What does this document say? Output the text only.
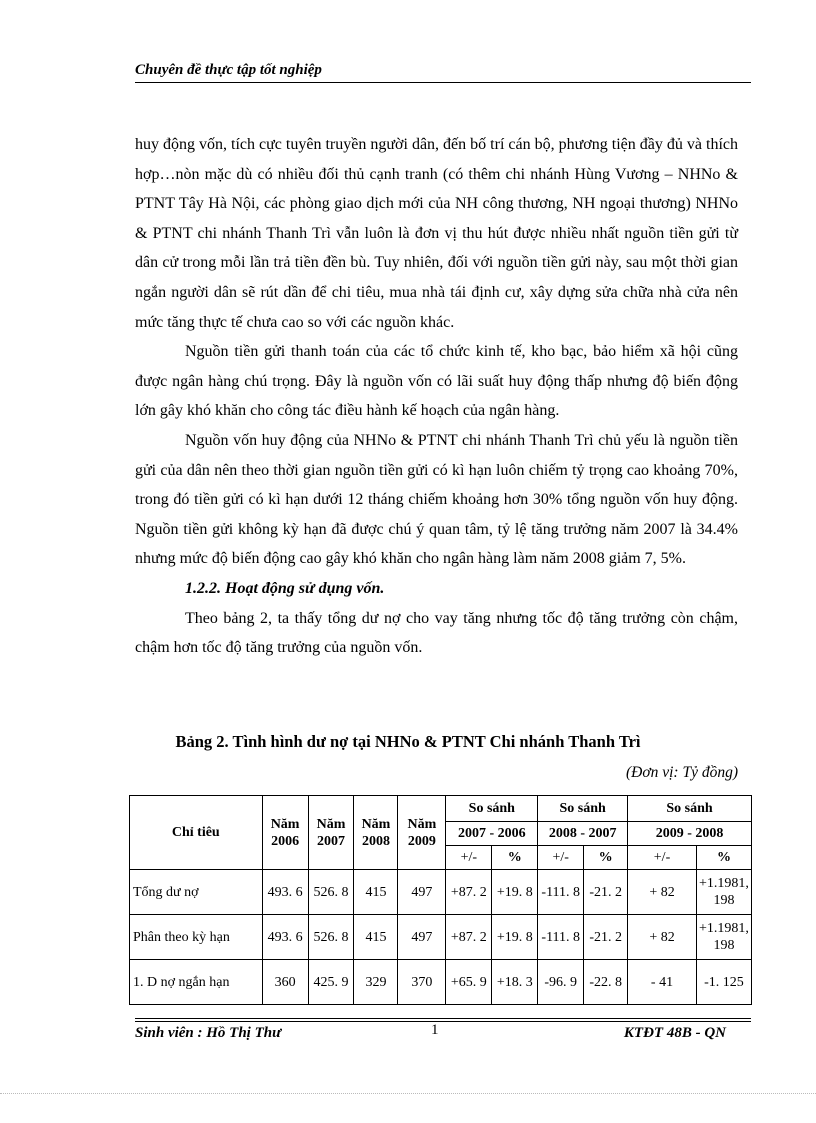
Chuyên đề thực tập tốt nghiệp

huy động vốn, tích cực tuyên truyền người dân, đến bố trí cán bộ, phương tiện đầy đủ và thích hợp…nòn mặc dù có nhiều đối thủ cạnh tranh (có thêm chi nhánh Hùng Vương – NHNo & PTNT Tây Hà Nội, các phòng giao dịch mới của NH công thương, NH ngoại thương) NHNo & PTNT chi nhánh Thanh Trì vẫn luôn là đơn vị thu hút được nhiều nhất nguồn tiền gửi từ dân cử trong mỗi lần trả tiền đền bù. Tuy nhiên, đối với nguồn tiền gửi này, sau một thời gian ngắn người dân sẽ rút dần để chi tiêu, mua nhà tái định cư, xây dựng sửa chữa nhà cửa nên mức tăng thực tế chưa cao so với các nguồn khác.

Nguồn tiền gửi thanh toán của các tổ chức kinh tế, kho bạc, bảo hiểm xã hội cũng được ngân hàng chú trọng. Đây là nguồn vốn có lãi suất huy động thấp nhưng độ biến động lớn gây khó khăn cho công tác điều hành kế hoạch của ngân hàng.

Nguồn vốn huy động của NHNo & PTNT chi nhánh Thanh Trì chủ yếu là nguồn tiền gửi của dân nên theo thời gian nguồn tiền gửi có kì hạn luôn chiếm tỷ trọng cao khoảng 70%, trong đó tiền gửi có kì hạn dưới 12 tháng chiếm khoảng hơn 30% tổng nguồn vốn huy động. Nguồn tiền gửi không kỳ hạn đã được chú ý quan tâm, tỷ lệ tăng trưởng năm 2007 là 34.4% nhưng mức độ biến động cao gây khó khăn cho ngân hàng làm năm 2008 giảm 7, 5%.

1.2.2. Hoạt động sử dụng vốn.

Theo bảng 2, ta thấy tổng dư nợ cho vay tăng nhưng tốc độ tăng trưởng còn chậm, chậm hơn tốc độ tăng trưởng của nguồn vốn.

Bảng 2. Tình hình dư nợ tại NHNo & PTNT Chi nhánh Thanh Trì
(Đơn vị: Tỷ đồng)
Chỉ tiêu	Năm 2006	Năm 2007	Năm 2008	Năm 2009	So sánh		So sánh		So sánh	
					2007 - 2006		2008 - 2007		2009 - 2008	
					+/-	%	+/-	%	+/-	%
Tổng dư nợ	493. 6	526. 8	415	497	+87. 2	+19. 8	-111. 8	-21. 2	+ 82	+1.1981, 198
Phân theo kỳ hạn	493. 6	526. 8	415	497	+87. 2	+19. 8	-111. 8	-21. 2	+ 82	+1.1981, 198
1. D nợ ngắn hạn	360	425. 9	329	370	+65. 9	+18. 3	-96. 9	-22. 8	- 41	-1. 125
Sinh viên : Hồ Thị Thư	1	KTĐT 48B - QN
